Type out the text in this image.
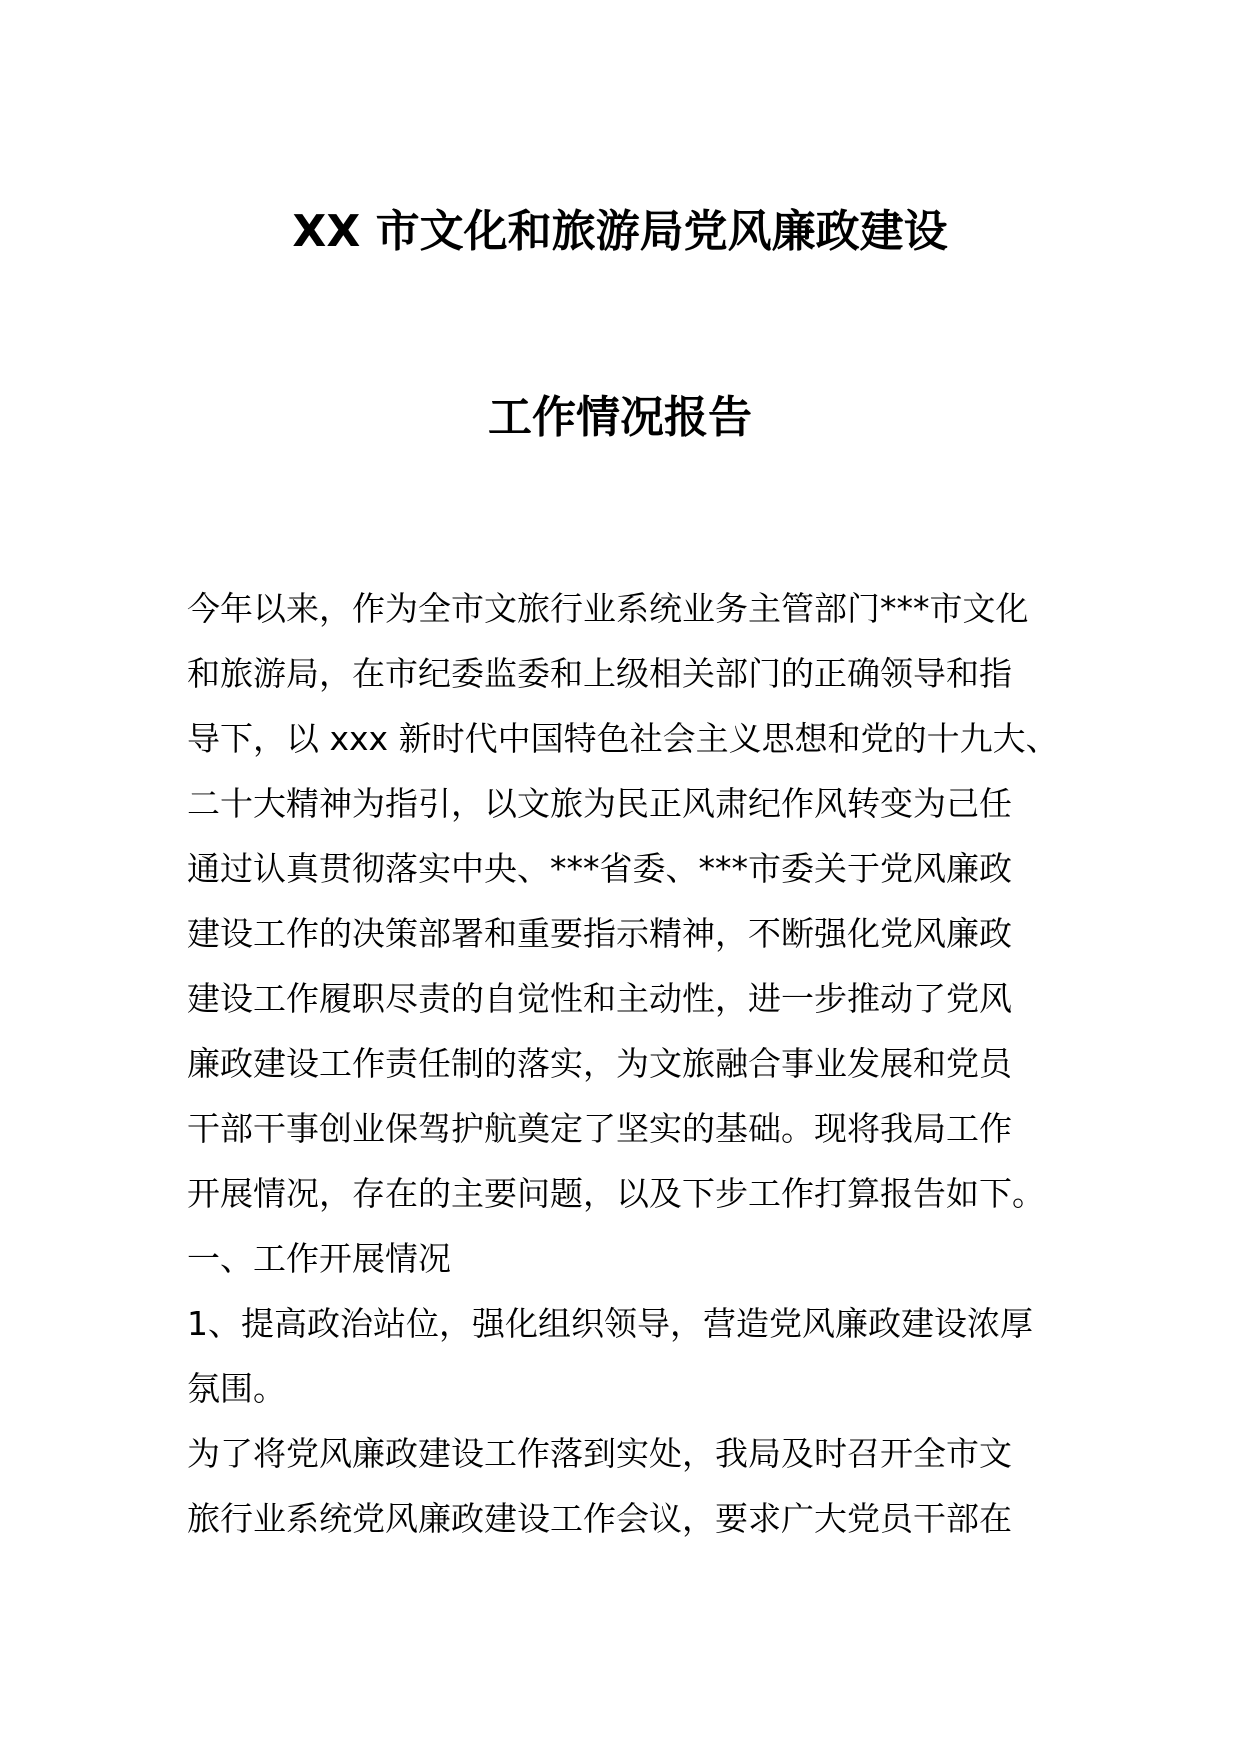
XX 市文化和旅游局党风廉政建设
工作情况报告
今年以来，作为全市文旅行业系统业务主管部门***市文化
和旅游局，在市纪委监委和上级相关部门的正确领导和指
导下，以 xxx 新时代中国特色社会主义思想和党的十九大、
二十大精神为指引，以文旅为民正风肃纪作风转变为己任
通过认真贯彻落实中央、***省委、***市委关于党风廉政
建设工作的决策部署和重要指示精神，不断强化党风廉政
建设工作履职尽责的自觉性和主动性，进一步推动了党风
廉政建设工作责任制的落实，为文旅融合事业发展和党员
干部干事创业保驾护航奠定了坚实的基础。现将我局工作
开展情况，存在的主要问题，以及下步工作打算报告如下。
一、工作开展情况
1、提高政治站位，强化组织领导，营造党风廉政建设浓厚
氛围。
为了将党风廉政建设工作落到实处，我局及时召开全市文
旅行业系统党风廉政建设工作会议，要求广大党员干部在
